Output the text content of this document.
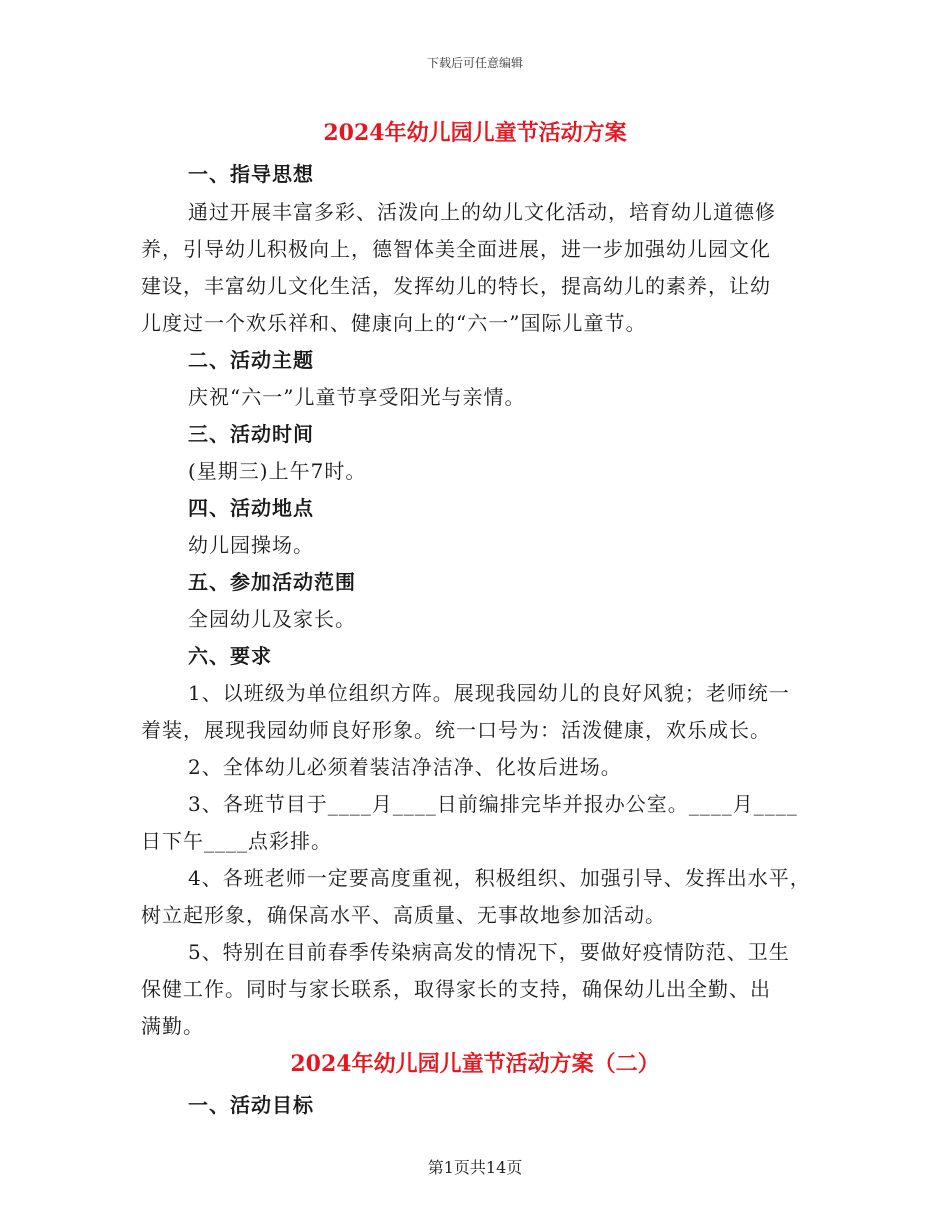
下载后可任意编辑
2024年幼儿园儿童节活动方案
一、指导思想
通过开展丰富多彩、活泼向上的幼儿文化活动，培育幼儿道德修
养，引导幼儿积极向上，德智体美全面进展，进一步加强幼儿园文化
建设，丰富幼儿文化生活，发挥幼儿的特长，提高幼儿的素养，让幼
儿度过一个欢乐祥和、健康向上的“六一”国际儿童节。
二、活动主题
庆祝“六一”儿童节享受阳光与亲情。
三、活动时间
(星期三)上午7时。
四、活动地点
幼儿园操场。
五、参加活动范围
全园幼儿及家长。
六、要求
1、以班级为单位组织方阵。展现我园幼儿的良好风貌；老师统一
着装，展现我园幼师良好形象。统一口号为：活泼健康，欢乐成长。
2、全体幼儿必须着装洁净洁净、化妆后进场。
3、各班节目于____月____日前编排完毕并报办公室。____月____
日下午____点彩排。
4、各班老师一定要高度重视，积极组织、加强引导、发挥出水平，
树立起形象，确保高水平、高质量、无事故地参加活动。
5、特别在目前春季传染病高发的情况下，要做好疫情防范、卫生
保健工作。同时与家长联系，取得家长的支持，确保幼儿出全勤、出
满勤。
2024年幼儿园儿童节活动方案（二）
一、活动目标
第1页共14页
